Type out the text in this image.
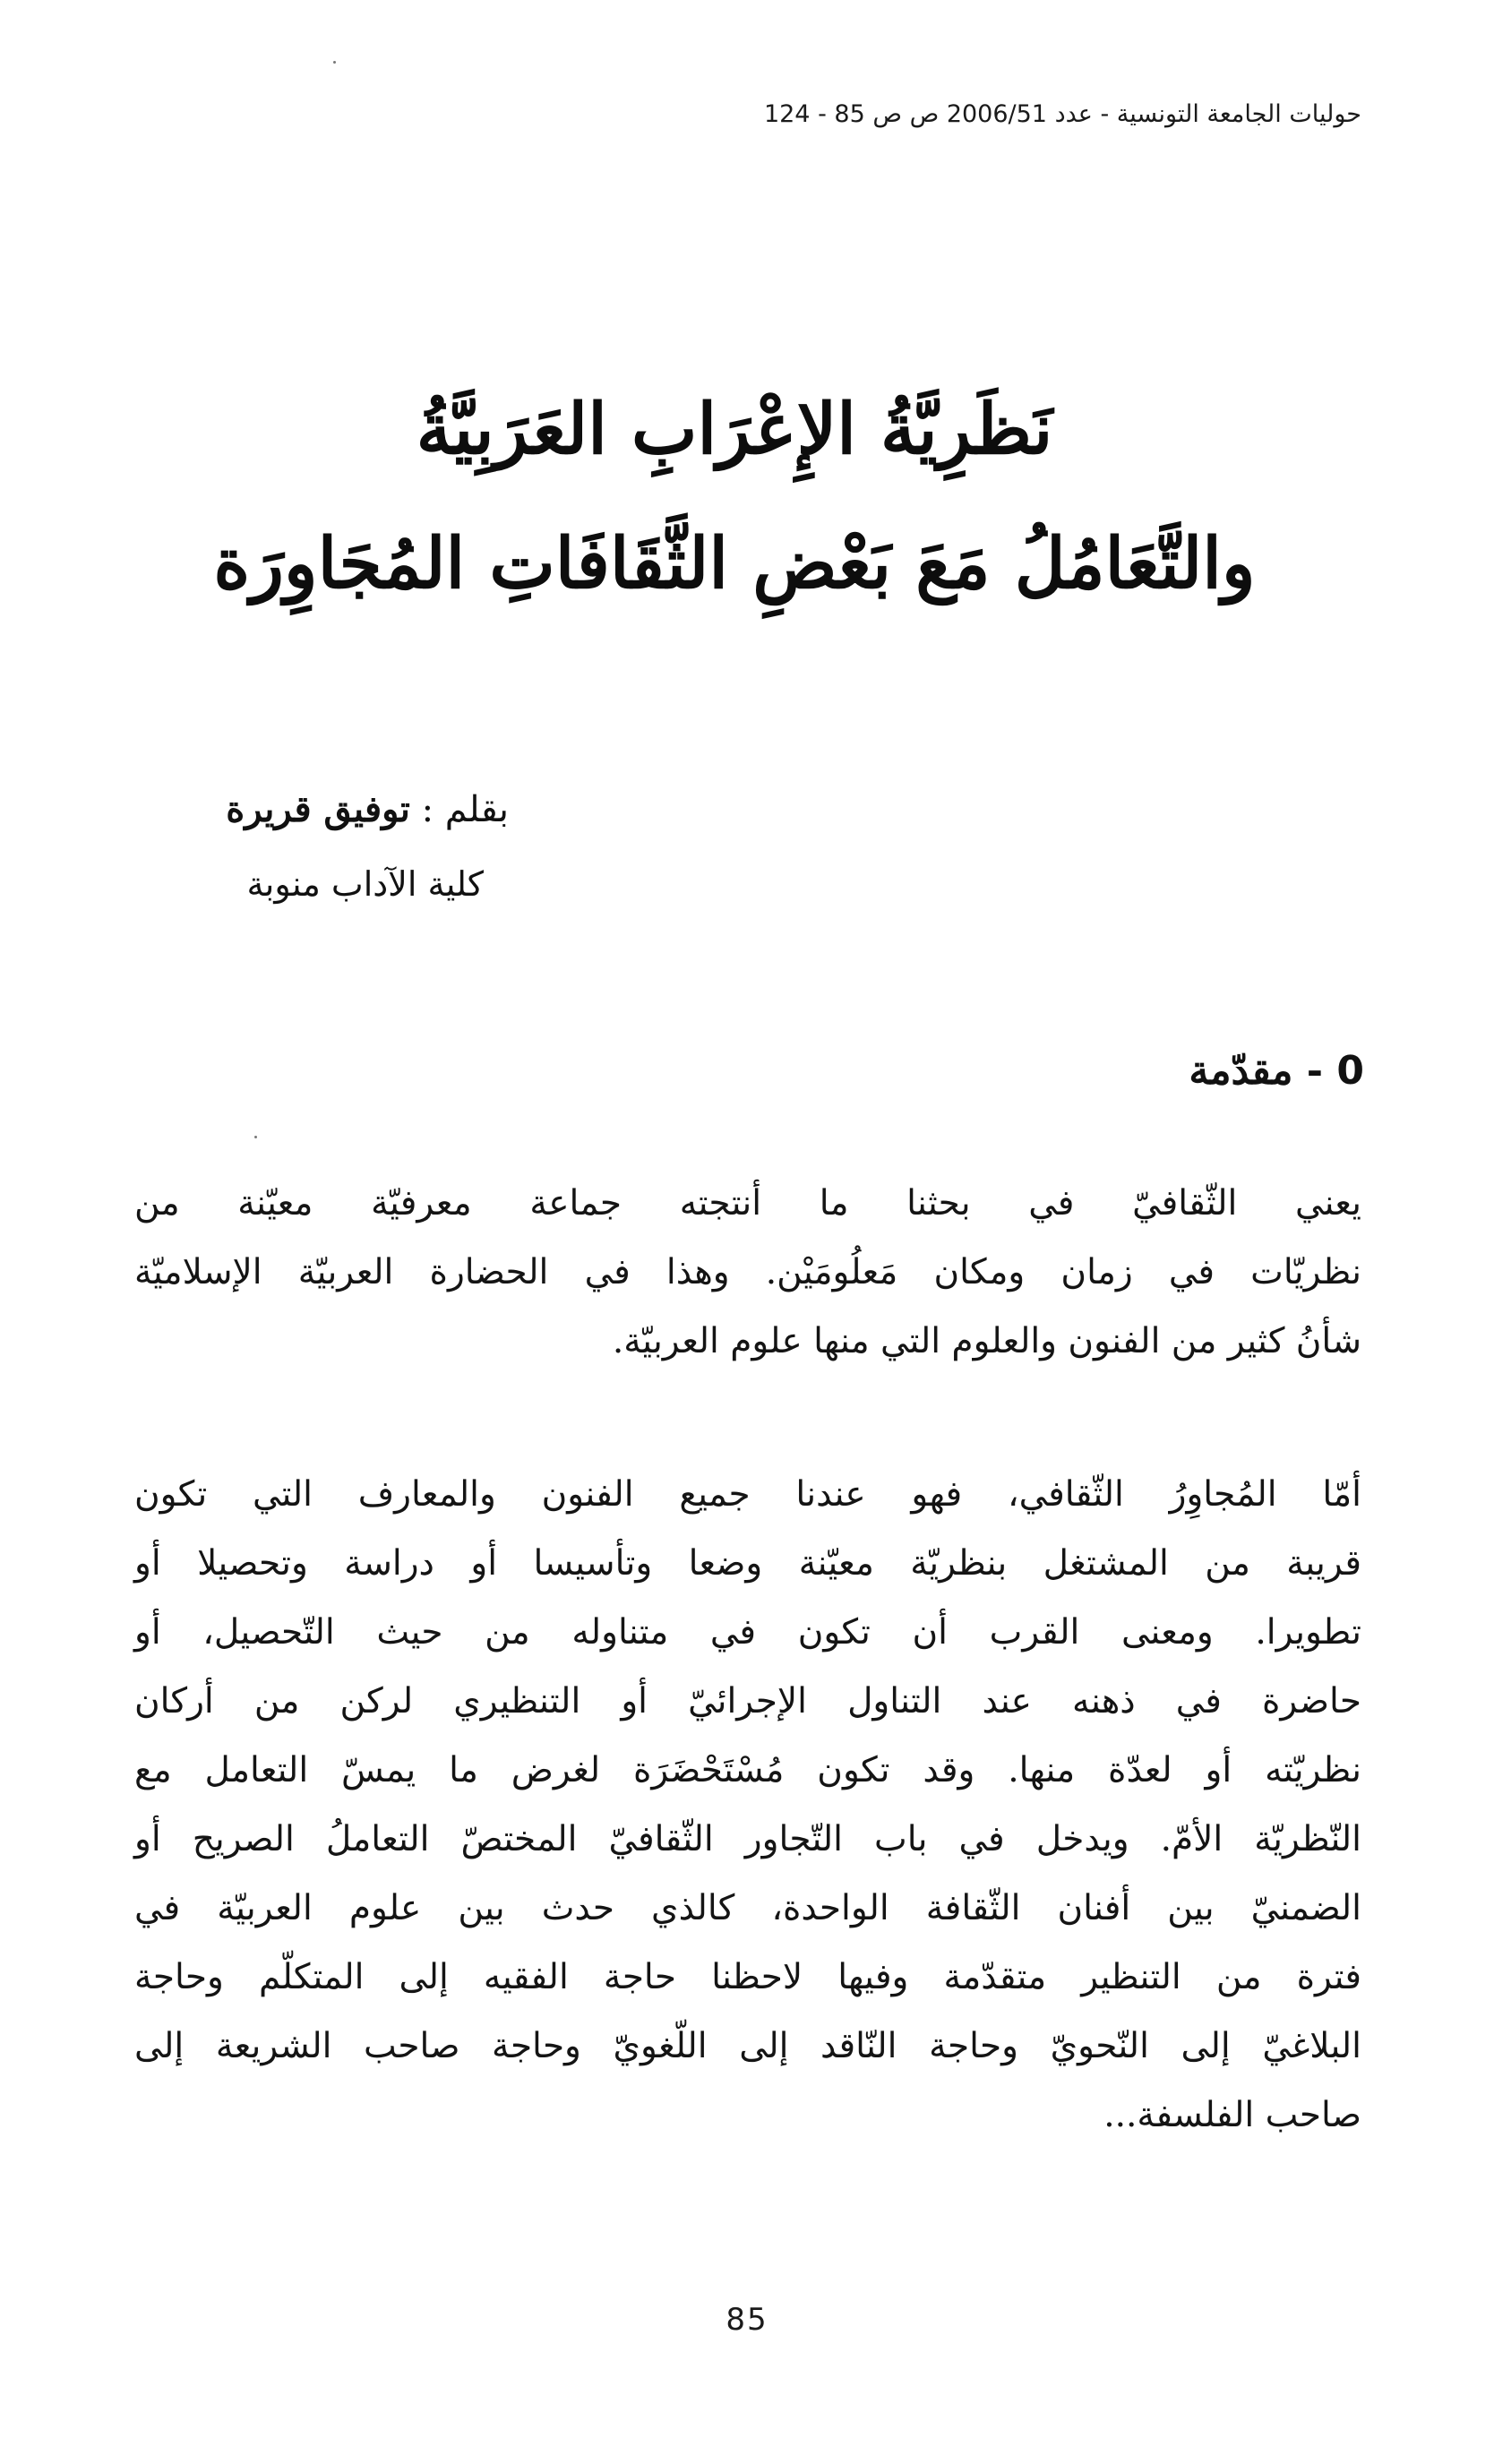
حوليات الجامعة التونسية - عدد 2006/51 ص ص 85 - 124
نَظَرِيَّةُ الإِعْرَابِ العَرَبِيَّةُ
والتَّعَامُلُ مَعَ بَعْضِ الثَّقَافَاتِ المُجَاوِرَة
بقلم : توفيق قريرة
كلية الآداب منوبة
0 - مقدّمة
يعني الثّقافيّ في بحثنا ما أنتجته جماعة معرفيّة معيّنة من
نظريّات في زمان ومكان مَعلُومَيْن. وهذا في الحضارة العربيّة الإسلاميّة
شأنُ كثير من الفنون والعلوم التي منها علوم العربيّة.
أمّا المُجاوِرُ الثّقافي، فهو عندنا جميع الفنون والمعارف التي تكون
قريبة من المشتغل بنظريّة معيّنة وضعا وتأسيسا أو دراسة وتحصيلا أو
تطويرا. ومعنى القرب أن تكون في متناوله من حيث التّحصيل، أو
حاضرة في ذهنه عند التناول الإجرائيّ أو التنظيري لركن من أركان
نظريّته أو لعدّة منها. وقد تكون مُسْتَحْضَرَة لغرض ما يمسّ التعامل مع
النّظريّة الأمّ. ويدخل في باب التّجاور الثّقافيّ المختصّ التعاملُ الصريح أو
الضمنيّ بين أفنان الثّقافة الواحدة، كالذي حدث بين علوم العربيّة في
فترة من التنظير متقدّمة وفيها لاحظنا حاجة الفقيه إلى المتكلّم وحاجة
البلاغيّ إلى النّحويّ وحاجة النّاقد إلى اللّغويّ وحاجة صاحب الشريعة إلى
صاحب الفلسفة...
85
